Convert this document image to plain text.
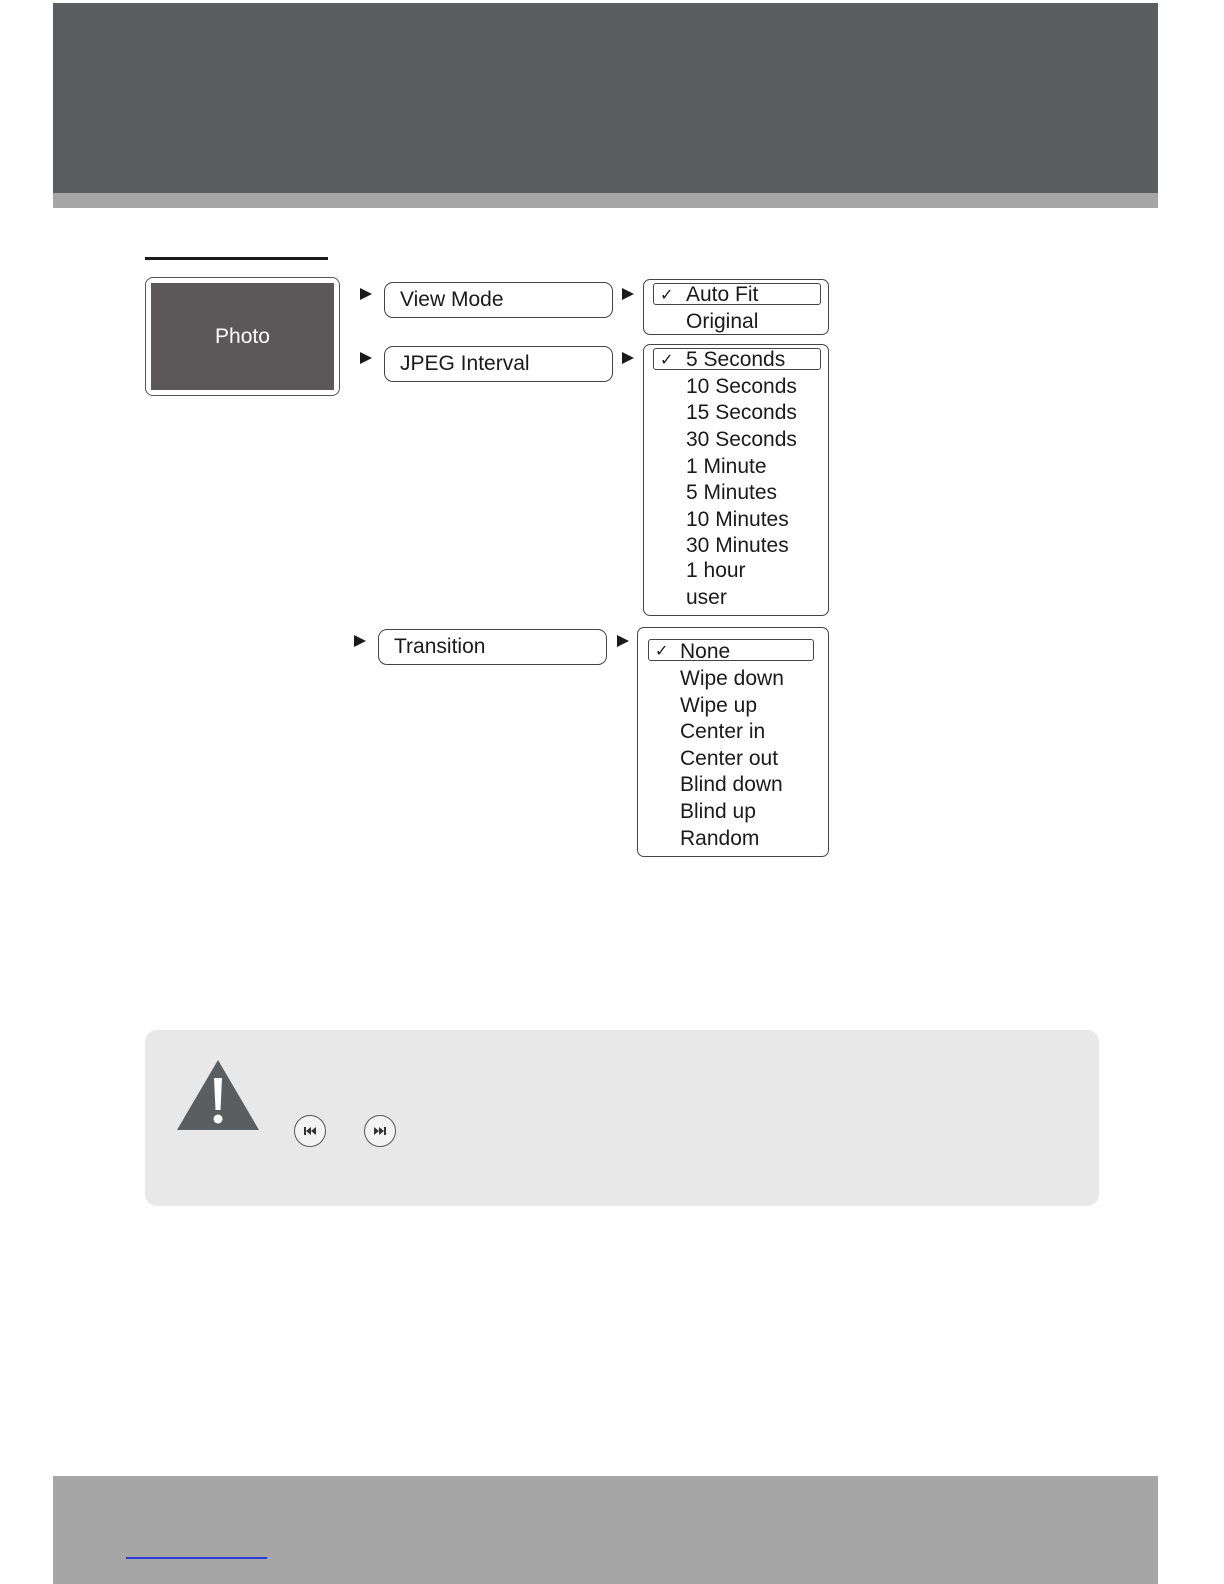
Photo
View Mode	✓ Auto Fit
Original
JPEG Interval	✓ 5 Seconds
10 Seconds
15 Seconds
30 Seconds
1 Minute
5 Minutes
10 Minutes
30 Minutes
1 hour
user
Transition	✓ None
Wipe down
Wipe up
Center in
Center out
Blind down
Blind up
Random
